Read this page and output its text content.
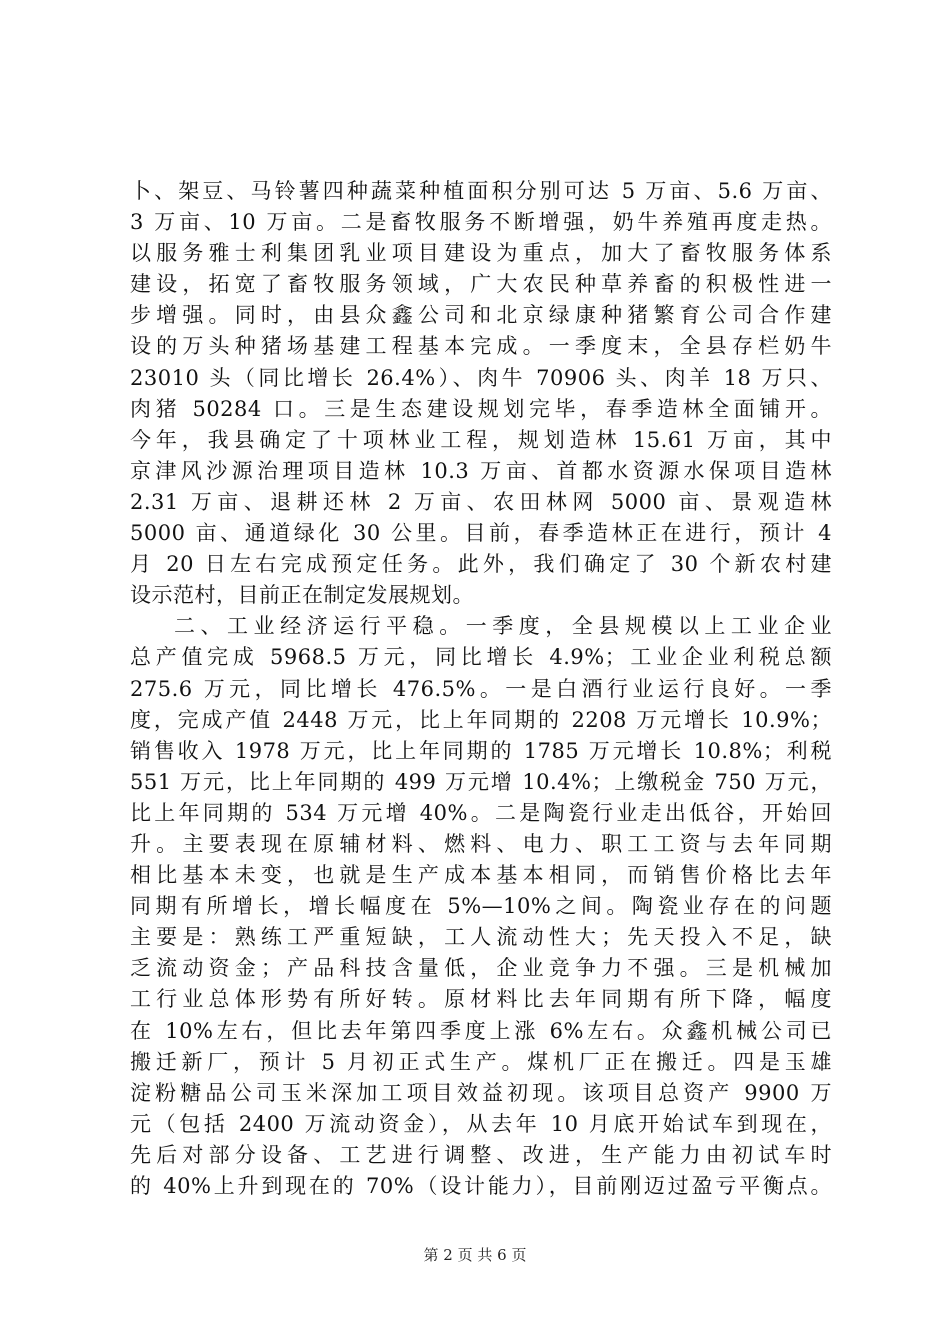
卜、架豆、马铃薯四种蔬菜种植面积分别可达 5 万亩、5.6 万亩、
3 万亩、10 万亩。二是畜牧服务不断增强，奶牛养殖再度走热。
以服务雅士利集团乳业项目建设为重点，加大了畜牧服务体系
建设，拓宽了畜牧服务领域，广大农民种草养畜的积极性进一
步增强。同时，由县众鑫公司和北京绿康种猪繁育公司合作建
设的万头种猪场基建工程基本完成。一季度末，全县存栏奶牛
23010 头（同比增长 26.4%）、肉牛 70906 头、肉羊 18 万只、
肉猪 50284 口。三是生态建设规划完毕，春季造林全面铺开。
今年，我县确定了十项林业工程，规划造林 15.61 万亩，其中
京津风沙源治理项目造林 10.3 万亩、首都水资源水保项目造林
2.31 万亩、退耕还林 2 万亩、农田林网 5000 亩、景观造林
5000 亩、通道绿化 30 公里。目前，春季造林正在进行，预计 4
月 20 日左右完成预定任务。此外，我们确定了 30 个新农村建
设示范村，目前正在制定发展规划。
二、工业经济运行平稳。一季度，全县规模以上工业企业
总产值完成 5968.5 万元，同比增长 4.9%；工业企业利税总额
275.6 万元，同比增长 476.5%。一是白酒行业运行良好。一季
度，完成产值 2448 万元，比上年同期的 2208 万元增长 10.9%；
销售收入 1978 万元，比上年同期的 1785 万元增长 10.8%；利税
551 万元，比上年同期的 499 万元增 10.4%；上缴税金 750 万元，
比上年同期的 534 万元增 40%。二是陶瓷行业走出低谷，开始回
升。主要表现在原辅材料、燃料、电力、职工工资与去年同期
相比基本未变，也就是生产成本基本相同，而销售价格比去年
同期有所增长，增长幅度在 5%—10%之间。陶瓷业存在的问题
主要是：熟练工严重短缺，工人流动性大；先天投入不足，缺
乏流动资金；产品科技含量低，企业竞争力不强。三是机械加
工行业总体形势有所好转。原材料比去年同期有所下降，幅度
在 10%左右，但比去年第四季度上涨 6%左右。众鑫机械公司已
搬迁新厂，预计 5 月初正式生产。煤机厂正在搬迁。四是玉雄
淀粉糖品公司玉米深加工项目效益初现。该项目总资产 9900 万
元（包括 2400 万流动资金），从去年 10 月底开始试车到现在，
先后对部分设备、工艺进行调整、改进，生产能力由初试车时
的 40%上升到现在的 70%（设计能力），目前刚迈过盈亏平衡点。
第 2 页 共 6 页
